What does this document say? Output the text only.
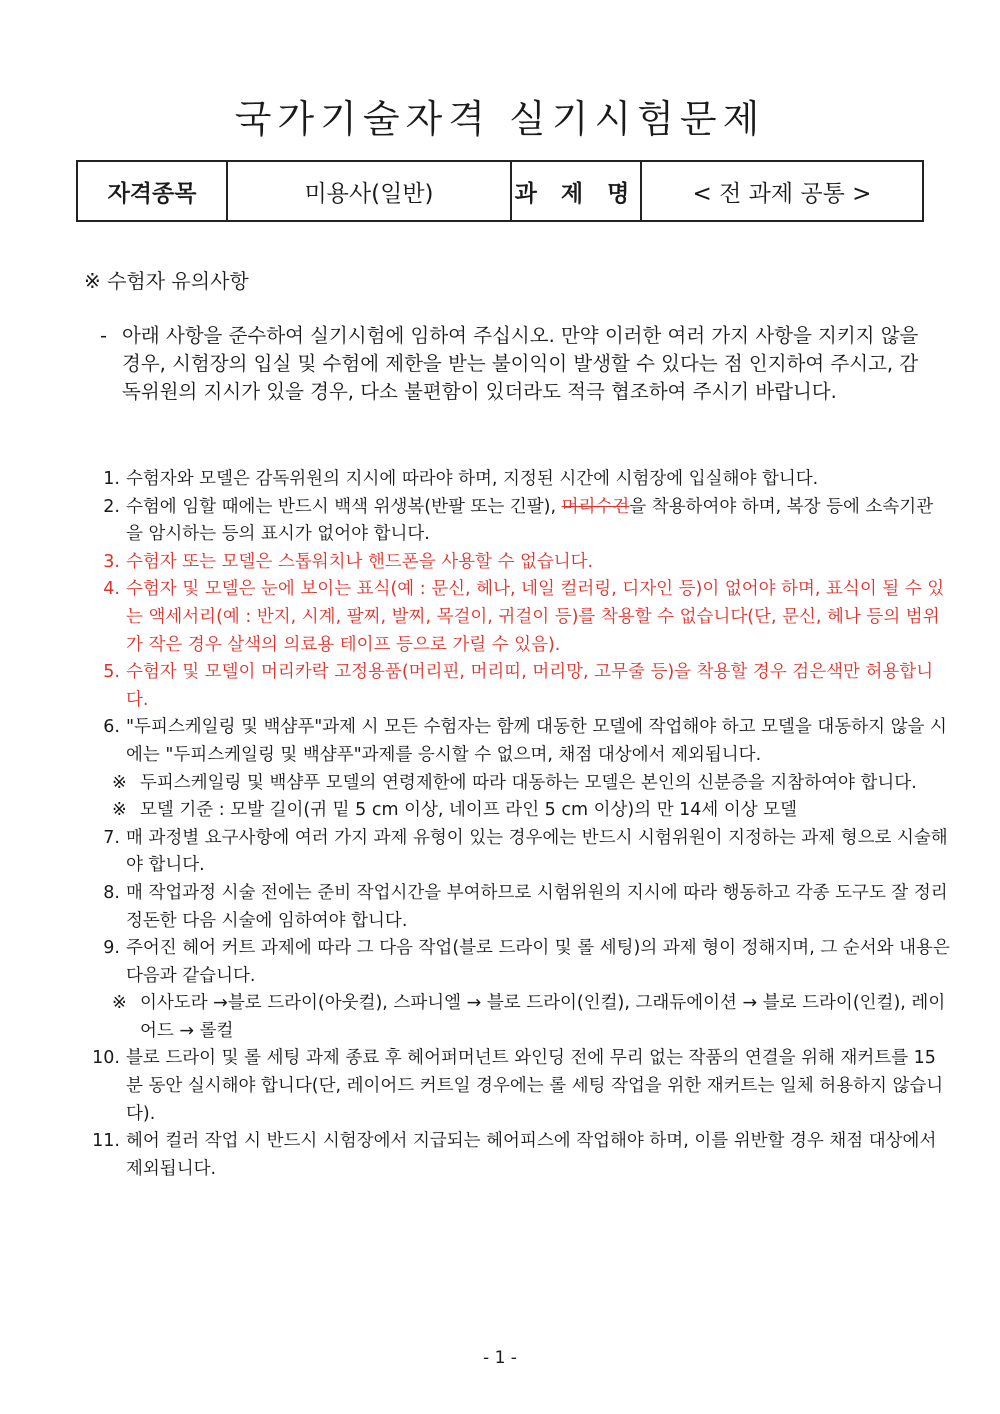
국가기술자격 실기시험문제
자격종목	미용사(일반)	과 제 명	< 전 과제 공통 >
※ 수험자 유의사항
- 아래 사항을 준수하여 실기시험에 임하여 주십시오. 만약 이러한 여러 가지 사항을 지키지 않을 경우, 시험장의 입실 및 수험에 제한을 받는 불이익이 발생할 수 있다는 점 인지하여 주시고, 감독위원의 지시가 있을 경우, 다소 불편함이 있더라도 적극 협조하여 주시기 바랍니다.
1. 수험자와 모델은 감독위원의 지시에 따라야 하며, 지정된 시간에 시험장에 입실해야 합니다.
2. 수험에 임할 때에는 반드시 백색 위생복(반팔 또는 긴팔), 머리수건을 착용하여야 하며, 복장 등에 소속기관을 암시하는 등의 표시가 없어야 합니다.
3. 수험자 또는 모델은 스톱워치나 핸드폰을 사용할 수 없습니다.
4. 수험자 및 모델은 눈에 보이는 표식(예 : 문신, 헤나, 네일 컬러링, 디자인 등)이 없어야 하며, 표식이 될 수 있는 액세서리(예 : 반지, 시계, 팔찌, 발찌, 목걸이, 귀걸이 등)를 착용할 수 없습니다(단, 문신, 헤나 등의 범위가 작은 경우 살색의 의료용 테이프 등으로 가릴 수 있음).
5. 수험자 및 모델이 머리카락 고정용품(머리핀, 머리띠, 머리망, 고무줄 등)을 착용할 경우 검은색만 허용합니다.
6. "두피스케일링 및 백샴푸"과제 시 모든 수험자는 함께 대동한 모델에 작업해야 하고 모델을 대동하지 않을 시에는 "두피스케일링 및 백샴푸"과제를 응시할 수 없으며, 채점 대상에서 제외됩니다.
※ 두피스케일링 및 백샴푸 모델의 연령제한에 따라 대동하는 모델은 본인의 신분증을 지참하여야 합니다.
※ 모델 기준 : 모발 길이(귀 밑 5 cm 이상, 네이프 라인 5 cm 이상)의 만 14세 이상 모델
7. 매 과정별 요구사항에 여러 가지 과제 유형이 있는 경우에는 반드시 시험위원이 지정하는 과제 형으로 시술해야 합니다.
8. 매 작업과정 시술 전에는 준비 작업시간을 부여하므로 시험위원의 지시에 따라 행동하고 각종 도구도 잘 정리 정돈한 다음 시술에 임하여야 합니다.
9. 주어진 헤어 커트 과제에 따라 그 다음 작업(블로 드라이 및 롤 세팅)의 과제 형이 정해지며, 그 순서와 내용은 다음과 같습니다.
※ 이사도라 →블로 드라이(아웃컬), 스파니엘 → 블로 드라이(인컬), 그래듀에이션 → 블로 드라이(인컬), 레이어드 → 롤컬
10. 블로 드라이 및 롤 세팅 과제 종료 후 헤어퍼머넌트 와인딩 전에 무리 없는 작품의 연결을 위해 재커트를 15분 동안 실시해야 합니다(단, 레이어드 커트일 경우에는 롤 세팅 작업을 위한 재커트는 일체 허용하지 않습니다).
11. 헤어 컬러 작업 시 반드시 시험장에서 지급되는 헤어피스에 작업해야 하며, 이를 위반할 경우 채점 대상에서 제외됩니다.
- 1 -
